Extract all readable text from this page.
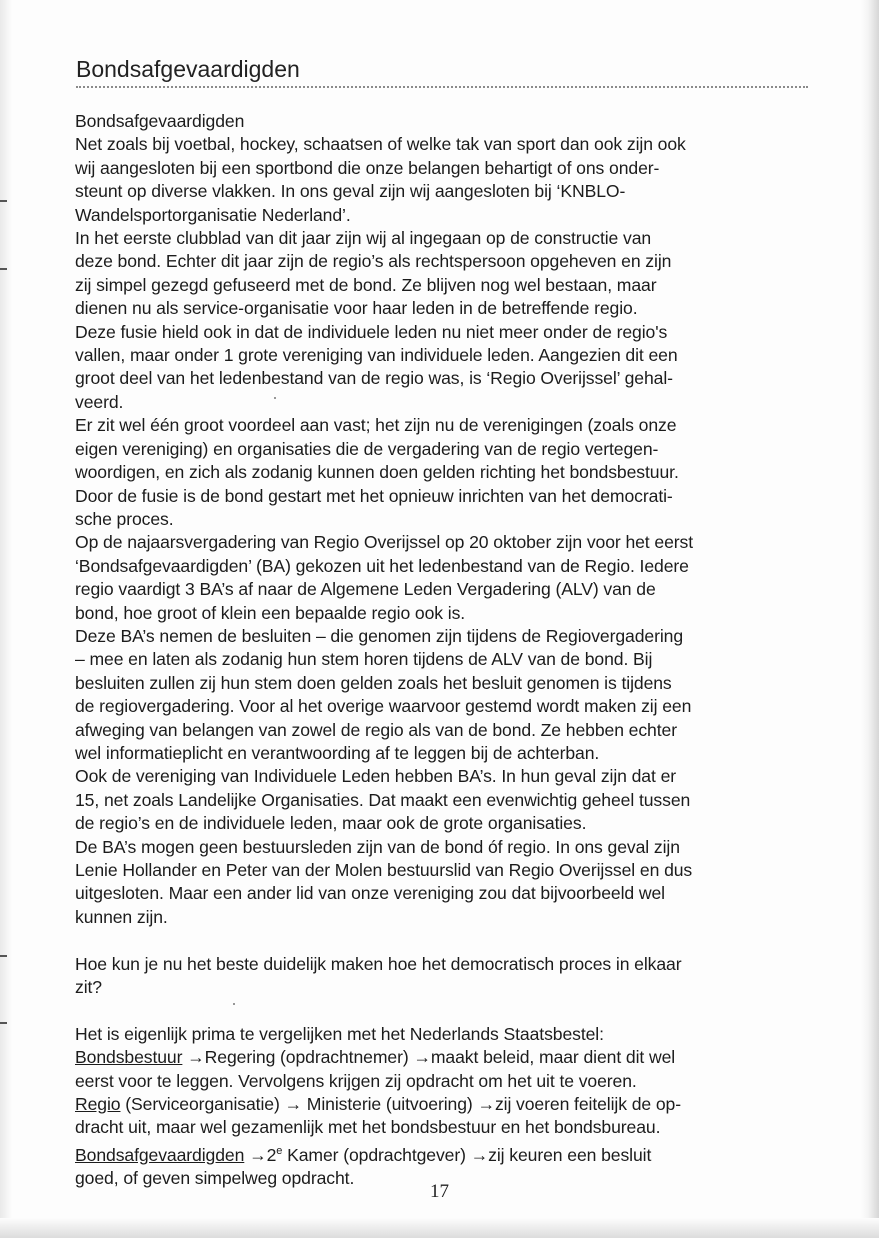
Bondsafgevaardigden
Bondsafgevaardigden
Net zoals bij voetbal, hockey, schaatsen of welke tak van sport dan ook zijn ook
wij aangesloten bij een sportbond die onze belangen behartigt of ons onder-
steunt op diverse vlakken. In ons geval zijn wij aangesloten bij ‘KNBLO-
Wandelsportorganisatie Nederland’.
In het eerste clubblad van dit jaar zijn wij al ingegaan op de constructie van
deze bond. Echter dit jaar zijn de regio’s als rechtspersoon opgeheven en zijn
zij simpel gezegd gefuseerd met de bond. Ze blijven nog wel bestaan, maar
dienen nu als service-organisatie voor haar leden in de betreffende regio.
Deze fusie hield ook in dat de individuele leden nu niet meer onder de regio's
vallen, maar onder 1 grote vereniging van individuele leden. Aangezien dit een
groot deel van het ledenbestand van de regio was, is ‘Regio Overijssel’ gehal-
veerd.
Er zit wel één groot voordeel aan vast; het zijn nu de verenigingen (zoals onze
eigen vereniging) en organisaties die de vergadering van de regio vertegen-
woordigen, en zich als zodanig kunnen doen gelden richting het bondsbestuur.
Door de fusie is de bond gestart met het opnieuw inrichten van het democrati-
sche proces.
Op de najaarsvergadering van Regio Overijssel op 20 oktober zijn voor het eerst
‘Bondsafgevaardigden’ (BA) gekozen uit het ledenbestand van de Regio. Iedere
regio vaardigt 3 BA’s af naar de Algemene Leden Vergadering (ALV) van de
bond, hoe groot of klein een bepaalde regio ook is.
Deze BA’s nemen de besluiten – die genomen zijn tijdens de Regiovergadering
– mee en laten als zodanig hun stem horen tijdens de ALV van de bond. Bij
besluiten zullen zij hun stem doen gelden zoals het besluit genomen is tijdens
de regiovergadering. Voor al het overige waarvoor gestemd wordt maken zij een
afweging van belangen van zowel de regio als van de bond. Ze hebben echter
wel informatieplicht en verantwoording af te leggen bij de achterban.
Ook de vereniging van Individuele Leden hebben BA’s. In hun geval zijn dat er
15, net zoals Landelijke Organisaties. Dat maakt een evenwichtig geheel tussen
de regio’s en de individuele leden, maar ook de grote organisaties.
De BA’s mogen geen bestuursleden zijn van de bond óf regio. In ons geval zijn
Lenie Hollander en Peter van der Molen bestuurslid van Regio Overijssel en dus
uitgesloten. Maar een ander lid van onze vereniging zou dat bijvoorbeeld wel
kunnen zijn.
Hoe kun je nu het beste duidelijk maken hoe het democratisch proces in elkaar
zit?
Het is eigenlijk prima te vergelijken met het Nederlands Staatsbestel:
Bondsbestuur →Regering (opdrachtnemer) →maakt beleid, maar dient dit wel
eerst voor te leggen. Vervolgens krijgen zij opdracht om het uit te voeren.
Regio (Serviceorganisatie) → Ministerie (uitvoering) →zij voeren feitelijk de op-
dracht uit, maar wel gezamenlijk met het bondsbestuur en het bondsbureau.
Bondsafgevaardigden $\to 2^e$ Kamer (opdrachtgever) →zij keuren een besluit
goed, of geven simpelweg opdracht.
17
